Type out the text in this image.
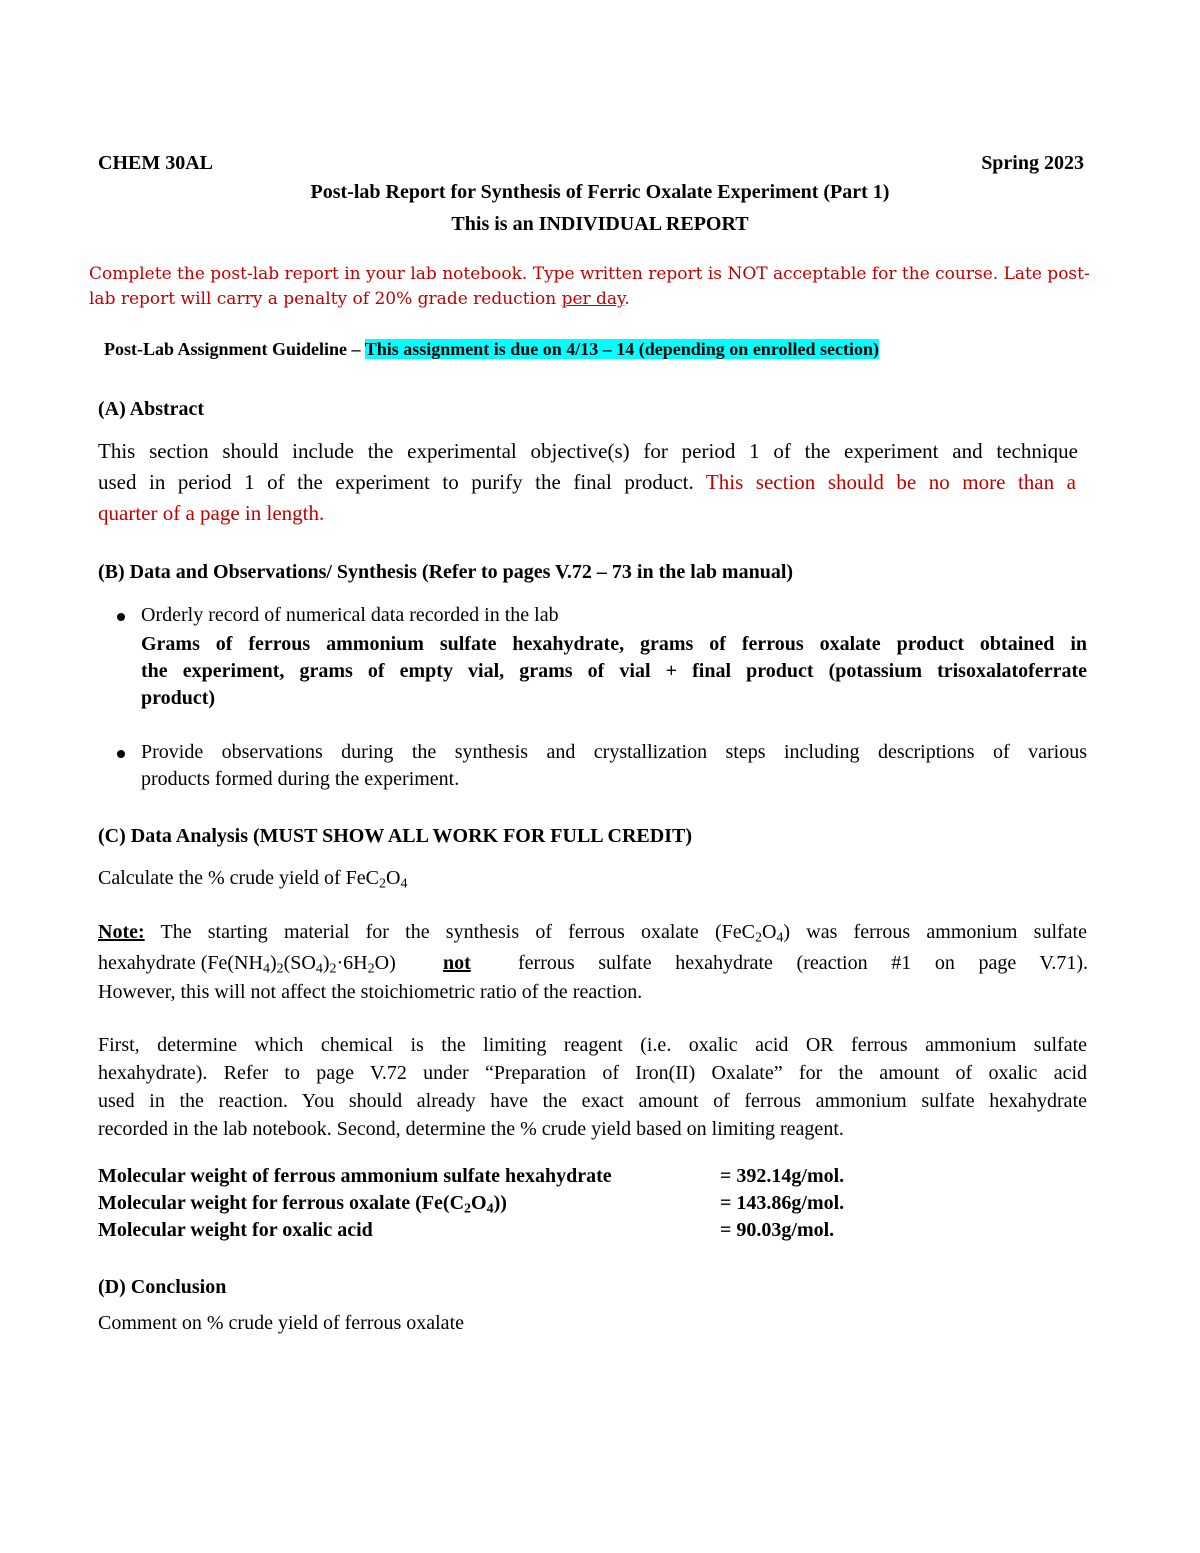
CHEM 30AL	Spring 2023
Post-lab Report for Synthesis of Ferric Oxalate Experiment (Part 1)
This is an INDIVIDUAL REPORT
Complete the post-lab report in your lab notebook. Type written report is NOT acceptable for the course. Late post-
lab report will carry a penalty of 20% grade reduction per day.
Post-Lab Assignment Guideline – This assignment is due on 4/13 – 14 (depending on enrolled section)
(A) Abstract
This section should include the experimental objective(s) for period 1 of the experiment and technique
used in period 1 of the experiment to purify the final product. This section should be no more than a
quarter of a page in length.
(B) Data and Observations/ Synthesis (Refer to pages V.72 – 73 in the lab manual)
Orderly record of numerical data recorded in the lab
Grams of ferrous ammonium sulfate hexahydrate, grams of ferrous oxalate product obtained in
the experiment, grams of empty vial, grams of vial + final product (potassium trisoxalatoferrate
product)
Provide observations during the synthesis and crystallization steps including descriptions of various
products formed during the experiment.
(C) Data Analysis (MUST SHOW ALL WORK FOR FULL CREDIT)
Calculate the % crude yield of $FeC_2O_4$
Note: The starting material for the synthesis of ferrous oxalate $(FeC_2O_4)$ was ferrous ammonium sulfate
hexahydrate $(Fe(NH_4)_2(SO_4)_2\cdot 6H_2O)$ not ferrous sulfate hexahydrate (reaction #1 on page V.71).
However, this will not affect the stoichiometric ratio of the reaction.
First, determine which chemical is the limiting reagent (i.e. oxalic acid OR ferrous ammonium sulfate
hexahydrate). Refer to page V.72 under “Preparation of Iron(II) Oxalate” for the amount of oxalic acid
used in the reaction. You should already have the exact amount of ferrous ammonium sulfate hexahydrate
recorded in the lab notebook. Second, determine the % crude yield based on limiting reagent.
Molecular weight of ferrous ammonium sulfate hexahydrate	= 392.14g/mol.
Molecular weight for ferrous oxalate $(Fe(C_2O_4))$	= 143.86g/mol.
Molecular weight for oxalic acid	= 90.03g/mol.
(D) Conclusion
Comment on % crude yield of ferrous oxalate
